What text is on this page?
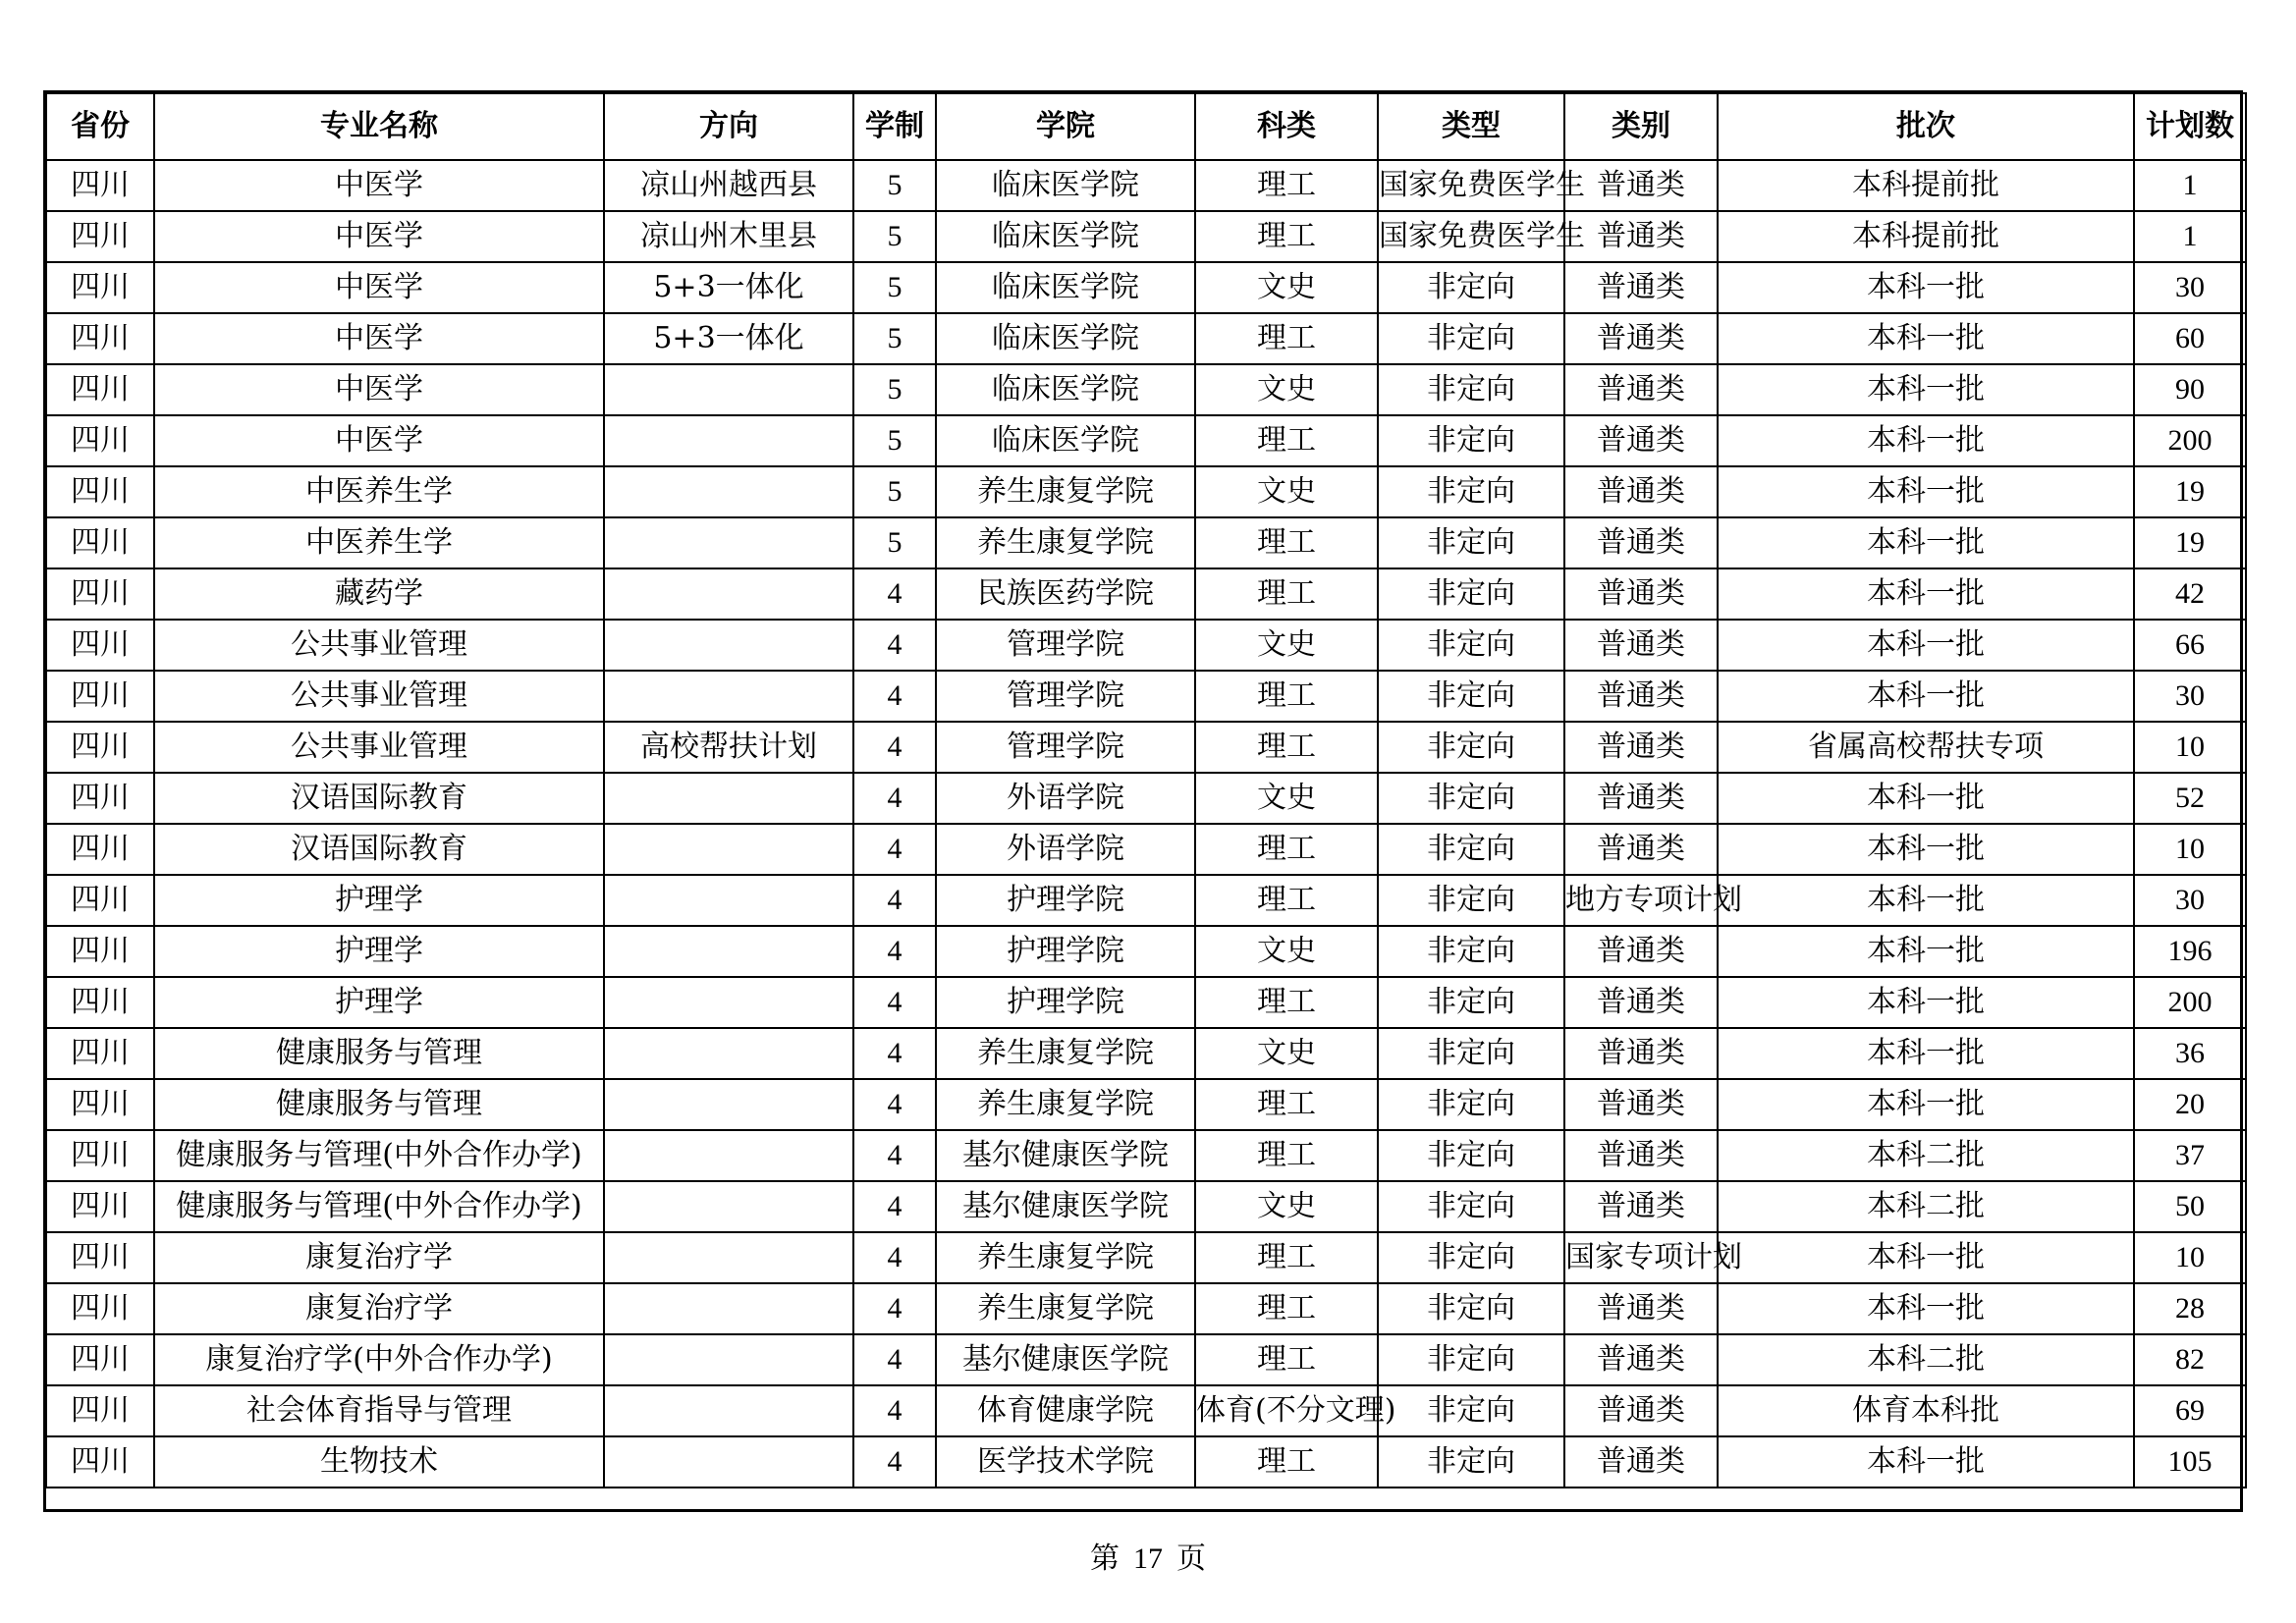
省份	专业名称	方向	学制	学院	科类	类型	类别	批次	计划数
四川	中医学	凉山州越西县	5	临床医学院	理工	国家免费医学生	普通类	本科提前批	1
四川	中医学	凉山州木里县	5	临床医学院	理工	国家免费医学生	普通类	本科提前批	1
四川	中医学	5+3一体化	5	临床医学院	文史	非定向	普通类	本科一批	30
四川	中医学	5+3一体化	5	临床医学院	理工	非定向	普通类	本科一批	60
四川	中医学		5	临床医学院	文史	非定向	普通类	本科一批	90
四川	中医学		5	临床医学院	理工	非定向	普通类	本科一批	200
四川	中医养生学		5	养生康复学院	文史	非定向	普通类	本科一批	19
四川	中医养生学		5	养生康复学院	理工	非定向	普通类	本科一批	19
四川	藏药学		4	民族医药学院	理工	非定向	普通类	本科一批	42
四川	公共事业管理		4	管理学院	文史	非定向	普通类	本科一批	66
四川	公共事业管理		4	管理学院	理工	非定向	普通类	本科一批	30
四川	公共事业管理	高校帮扶计划	4	管理学院	理工	非定向	普通类	省属高校帮扶专项	10
四川	汉语国际教育		4	外语学院	文史	非定向	普通类	本科一批	52
四川	汉语国际教育		4	外语学院	理工	非定向	普通类	本科一批	10
四川	护理学		4	护理学院	理工	非定向	地方专项计划	本科一批	30
四川	护理学		4	护理学院	文史	非定向	普通类	本科一批	196
四川	护理学		4	护理学院	理工	非定向	普通类	本科一批	200
四川	健康服务与管理		4	养生康复学院	文史	非定向	普通类	本科一批	36
四川	健康服务与管理		4	养生康复学院	理工	非定向	普通类	本科一批	20
四川	健康服务与管理(中外合作办学)		4	基尔健康医学院	理工	非定向	普通类	本科二批	37
四川	健康服务与管理(中外合作办学)		4	基尔健康医学院	文史	非定向	普通类	本科二批	50
四川	康复治疗学		4	养生康复学院	理工	非定向	国家专项计划	本科一批	10
四川	康复治疗学		4	养生康复学院	理工	非定向	普通类	本科一批	28
四川	康复治疗学(中外合作办学)		4	基尔健康医学院	理工	非定向	普通类	本科二批	82
四川	社会体育指导与管理		4	体育健康学院	体育(不分文理)	非定向	普通类	体育本科批	69
四川	生物技术		4	医学技术学院	理工	非定向	普通类	本科一批	105
第 17 页
